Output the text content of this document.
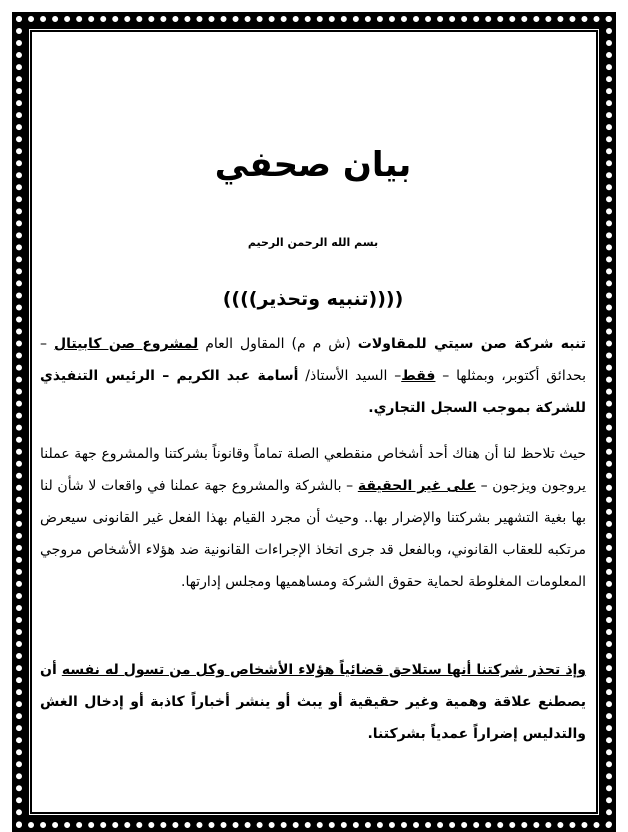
بيان صحفي
بسم الله الرحمن الرحيم
((((تنبيه وتحذير))))
تنبه شركة صن سيتي للمقاولات (ش م م) المقاول العام لمشروع صن كابيتال – بحدائق أكتوبر، وبمثلها – فقط– السيد الأستاذ/ أسامة عبد الكريم – الرئيس التنفيذي للشركة بموجب السجل التجاري.
حيث تلاحظ لنا أن هناك أحد أشخاص منقطعي الصلة تماماً وقانوناً بشركتنا والمشروع جهة عملنا يروجون ويزجون – على غير الحقيقة – بالشركة والمشروع جهة عملنا في واقعات لا شأن لنا بها بغية التشهير بشركتنا والإضرار بها.. وحيث أن مجرد القيام بهذا الفعل غير القانونى سيعرض مرتكبه للعقاب القانوني، وبالفعل قد جرى اتخاذ الإجراءات القانونية ضد هؤلاء الأشخاص مروجي المعلومات المغلوطة لحماية حقوق الشركة ومساهميها ومجلس إدارتها.
وإذ تحذر شركتنا أنها ستلاحق قضائياً هؤلاء الأشخاص وكل من تسول له نفسه أن يصطنع علاقة وهمية وغير حقيقية أو يبث أو ينشر أخباراً كاذبة أو إدخال الغش والتدليس إضراراً عمدياً بشركتنا.
